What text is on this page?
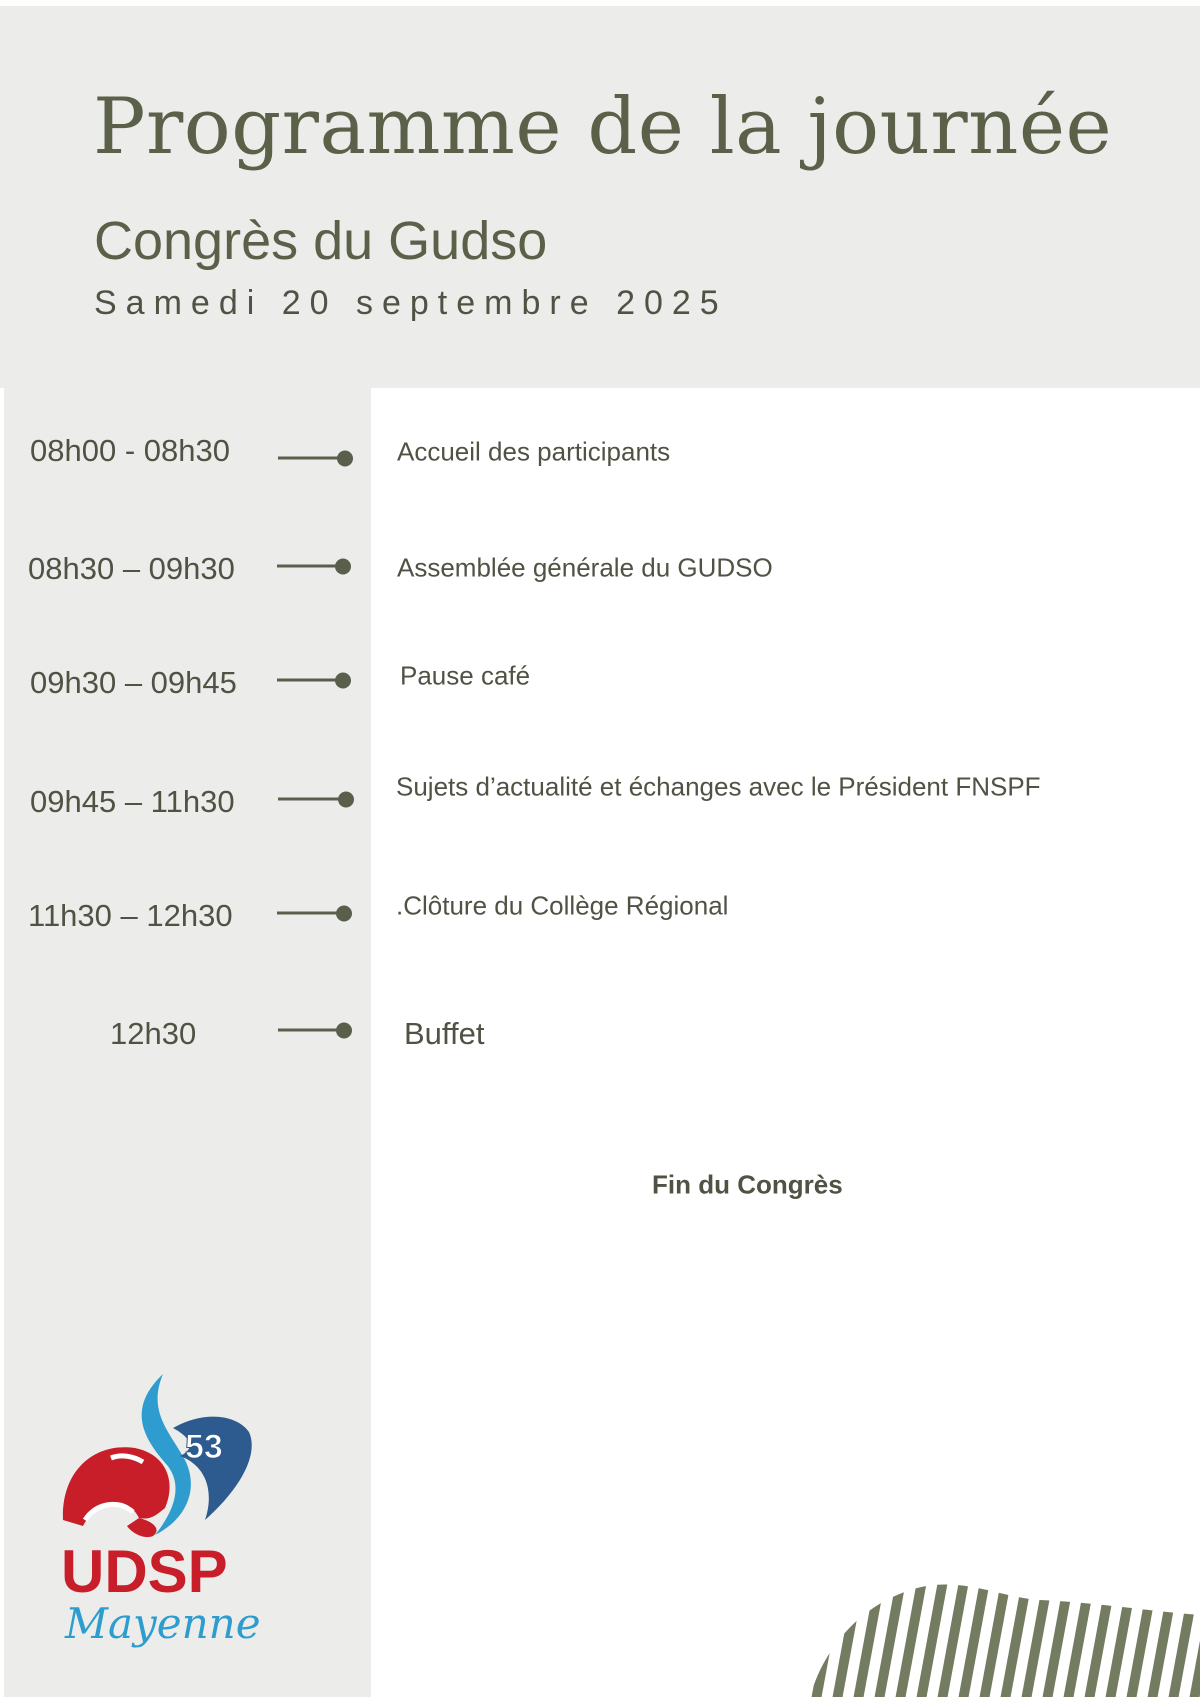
Programme de la journée
Congrès du Gudso
Samedi 20 septembre 2025
08h00 - 08h30	Accueil des participants
08h30 – 09h30	Assemblée générale du GUDSO
09h30 – 09h45	Pause café
09h45 – 11h30	Sujets d’actualité et échanges avec le Président FNSPF
11h30 – 12h30	.Clôture du Collège Régional
12h30	Buffet
Fin du Congrès
53
UDSP
Mayenne
